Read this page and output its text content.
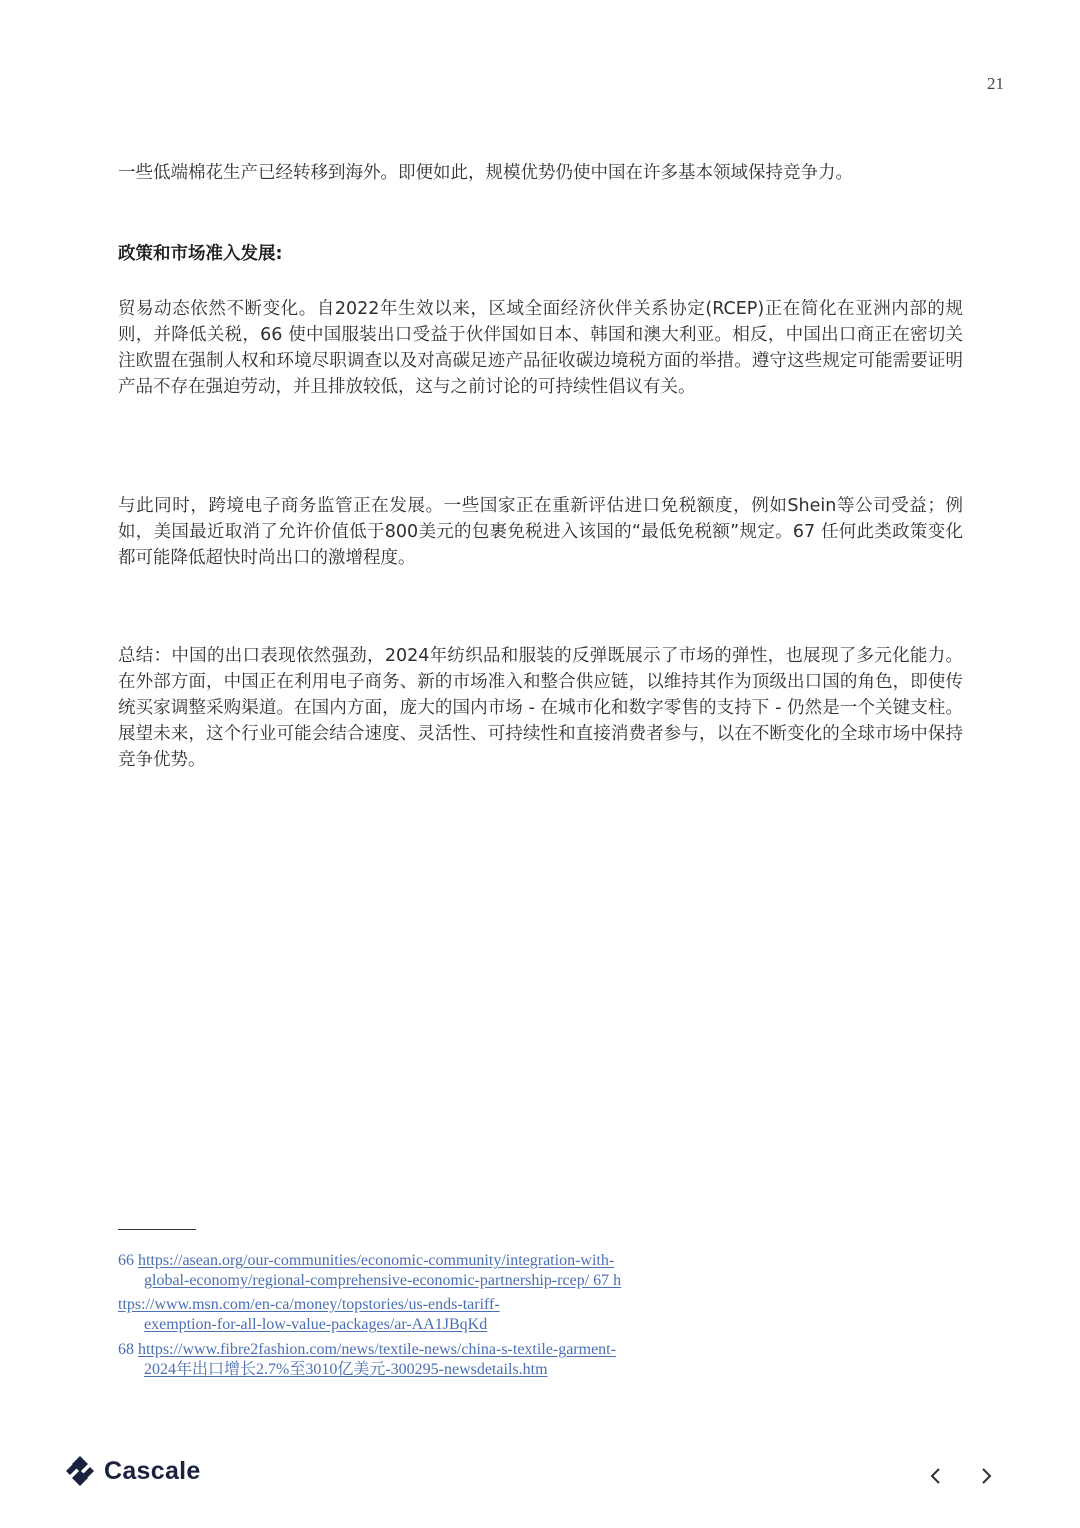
21

一些低端棉花生产已经转移到海外。即便如此，规模优势仍使中国在许多基本领域保持竞争力。

政策和市场准入发展:

贸易动态依然不断变化。自2022年生效以来，区域全面经济伙伴关系协定(RCEP)正在简化在亚洲内部的规则，并降低关税，66 使中国服装出口受益于伙伴国如日本、韩国和澳大利亚。相反，中国出口商正在密切关注欧盟在强制人权和环境尽职调查以及对高碳足迹产品征收碳边境税方面的举措。遵守这些规定可能需要证明产品不存在强迫劳动，并且排放较低，这与之前讨论的可持续性倡议有关。

与此同时，跨境电子商务监管正在发展。一些国家正在重新评估进口免税额度，例如Shein等公司受益；例如，美国最近取消了允许价值低于800美元的包裹免税进入该国的“最低免税额”规定。67 任何此类政策变化都可能降低超快时尚出口的激增程度。

总结：中国的出口表现依然强劲，2024年纺织品和服装的反弹既展示了市场的弹性，也展现了多元化能力。在外部方面，中国正在利用电子商务、新的市场准入和整合供应链，以维持其作为顶级出口国的角色，即使传统买家调整采购渠道。在国内方面，庞大的国内市场 - 在城市化和数字零售的支持下 - 仍然是一个关键支柱。展望未来，这个行业可能会结合速度、灵活性、可持续性和直接消费者参与，以在不断变化的全球市场中保持竞争优势。

66 https://asean.org/our-communities/economic-community/integration-with-
global-economy/regional-comprehensive-economic-partnership-rcep/ 67 h
ttps://www.msn.com/en-ca/money/topstories/us-ends-tariff-
exemption-for-all-low-value-packages/ar-AA1JBqKd
68 https://www.fibre2fashion.com/news/textile-news/china-s-textile-garment-
2024年出口增长2.7%至3010亿美元-300295-newsdetails.htm
Cascale
